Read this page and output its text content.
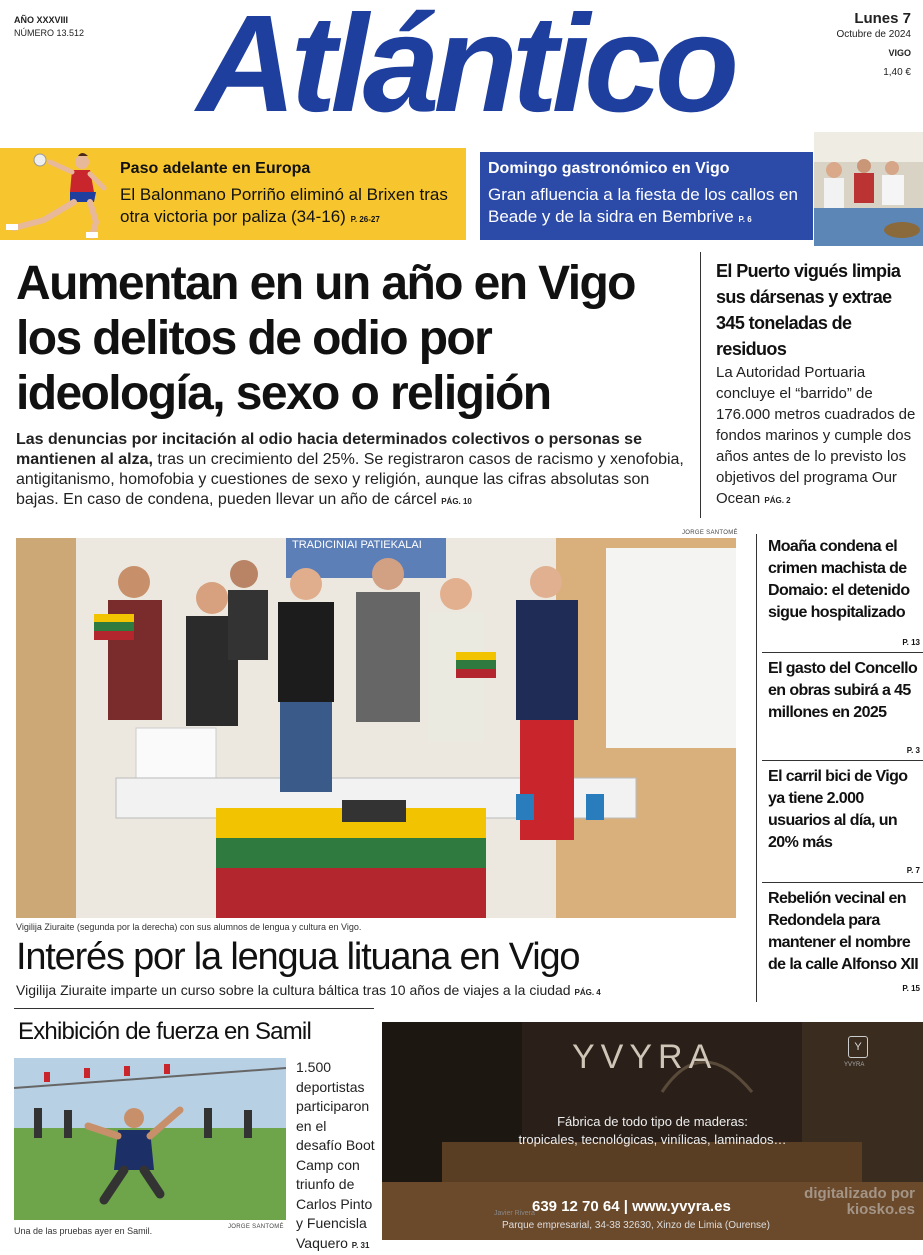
AÑO XXXVIII
NÚMERO 13.512 Atlántico	Lunes 7
Octubre de 2024
VIGO
1,40 €
Paso adelante en Europa
El Balonmano Porriño eliminó al Brixen tras otra victoria por paliza (34-16) P. 26-27
Domingo gastronómico en Vigo
Gran afluencia a la fiesta de los callos en Beade y de la sidra en Bembrive P. 6
Aumentan en un año en Vigo los delitos de odio por ideología, sexo o religión
Las denuncias por incitación al odio hacia determinados colectivos o personas se mantienen al alza, tras un crecimiento del 25%. Se registraron casos de racismo y xenofobia, antigitanismo, homofobia y cuestiones de sexo y religión, aunque las cifras absolutas son bajas. En caso de condena, pueden llevar un año de cárcel PÁG. 10
El Puerto vigués limpia sus dársenas y extrae 345 toneladas de residuos
La Autoridad Portuaria concluye el “barrido” de 176.000 metros cuadrados de fondos marinos y cumple dos años antes de lo previsto los objetivos del programa Our Ocean PÁG. 2
JORGE SANTOMÉ
TRADICINIAI PATIEKALAI
Vigilija Ziuraite (segunda por la derecha) con sus alumnos de lengua y cultura en Vigo.
Interés por la lengua lituana en Vigo
Vigilija Ziuraite imparte un curso sobre la cultura báltica tras 10 años de viajes a la ciudad PÁG. 4
Moaña condena el crimen machista de Domaio: el detenido sigue hospitalizado
P. 13
El gasto del Concello en obras subirá a 45 millones en 2025
P. 3
El carril bici de Vigo ya tiene 2.000 usuarios al día, un 20% más
P. 7
Rebelión vecinal en Redondela para mantener el nombre de la calle Alfonso XII
P. 15
Exhibición de fuerza en Samil
Una de las pruebas ayer en Samil.	JORGE SANTOMÉ
1.500 deportistas participaron en el desafío Boot Camp con triunfo de Carlos Pinto y Fuencisla Vaquero P. 31
YVYRA	Y
YVYRA
Fábrica de todo tipo de maderas:
tropicales, tecnológicas, vinílicas, laminados…
Javier Rivera
639 12 70 64 | www.yvyra.es
Parque empresarial, 34-38 32630, Xinzo de Limia (Ourense)
digitalizado por
kiosko.es
